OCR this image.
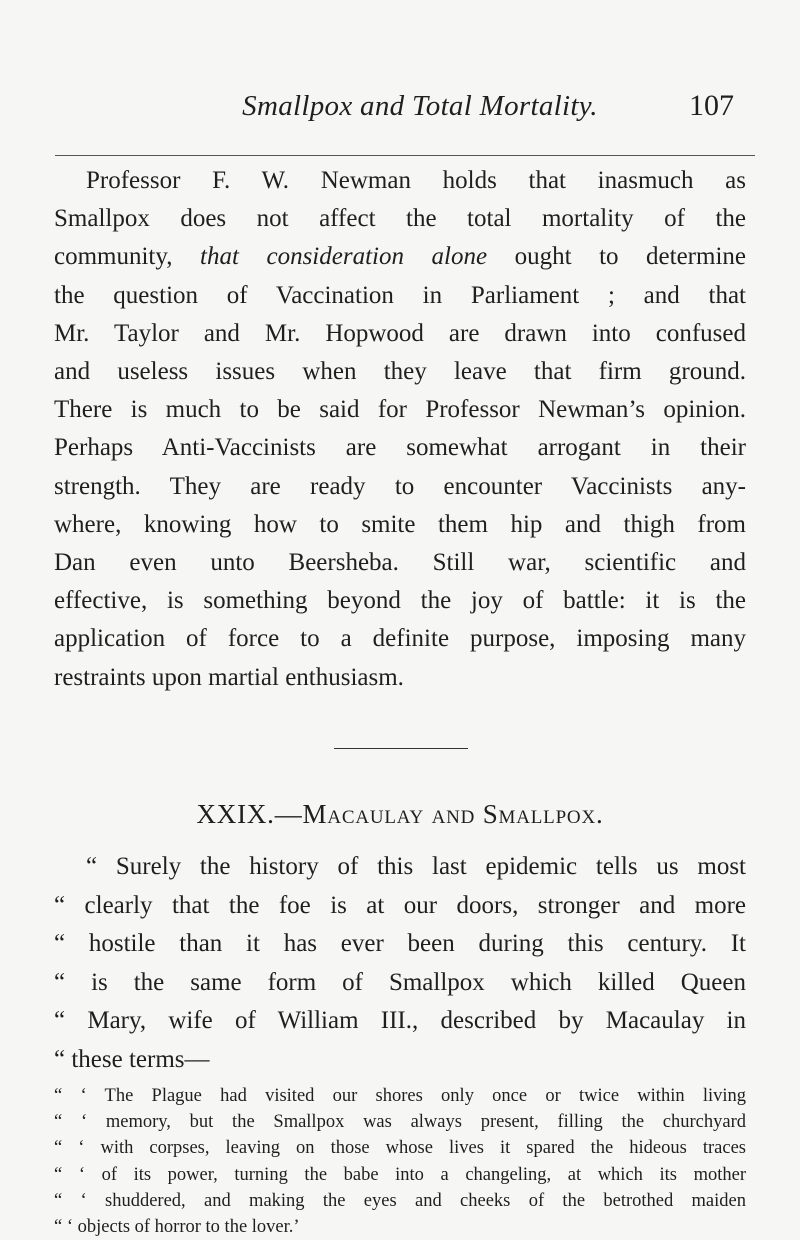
Smallpox and Total Mortality.	107
Professor F. W. Newman holds that inasmuch as
Smallpox does not affect the total mortality of the
community, that consideration alone ought to determine
the question of Vaccination in Parliament ; and that
Mr. Taylor and Mr. Hopwood are drawn into confused
and useless issues when they leave that firm ground.
There is much to be said for Professor Newman’s opinion.
Perhaps Anti-Vaccinists are somewhat arrogant in their
strength. They are ready to encounter Vaccinists any-
where, knowing how to smite them hip and thigh from
Dan even unto Beersheba. Still war, scientific and
effective, is something beyond the joy of battle: it is the
application of force to a definite purpose, imposing many
restraints upon martial enthusiasm.
XXIX.—Macaulay and Smallpox.
“ Surely the history of this last epidemic tells us most
“ clearly that the foe is at our doors, stronger and more
“ hostile than it has ever been during this century. It
“ is the same form of Smallpox which killed Queen
“ Mary, wife of William III., described by Macaulay in
“ these terms—
“ ‘ The Plague had visited our shores only once or twice within living
“ ‘ memory, but the Smallpox was always present, filling the churchyard
“ ‘ with corpses, leaving on those whose lives it spared the hideous traces
“ ‘ of its power, turning the babe into a changeling, at which its mother
“ ‘ shuddered, and making the eyes and cheeks of the betrothed maiden
“ ‘ objects of horror to the lover.’
